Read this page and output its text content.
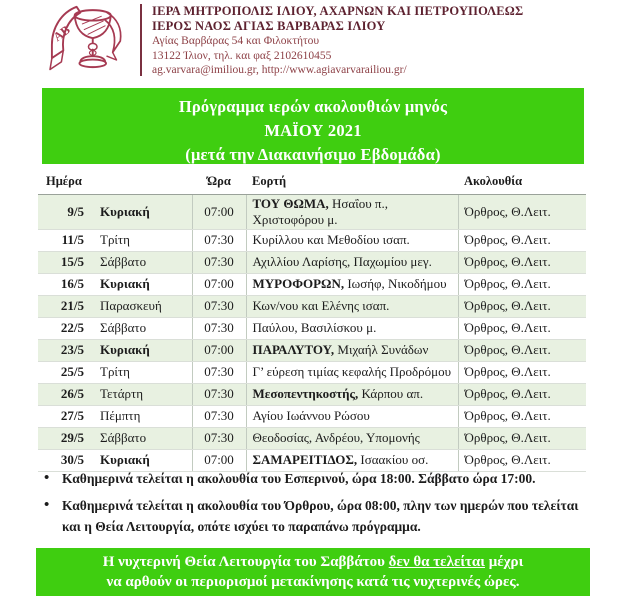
ΑΒ
ΙΕΡΑ ΜΗΤΡΟΠΟΛΙΣ ΙΛΙΟΥ, ΑΧΑΡΝΩΝ ΚΑΙ ΠΕΤΡΟΥΠΟΛΕΩΣ
ΙΕΡΟΣ ΝΑΟΣ ΑΓΙΑΣ ΒΑΡΒΑΡΑΣ ΙΛΙΟΥ
Αγίας Βαρβάρας 54 και Φιλοκτήτου
13122 Ίλιον, τηλ. και φαξ 2102610455
ag.varvara@imiliou.gr, http://www.agiavarvarailiou.gr/
Πρόγραμμα ιερών ακολουθιών μηνός
ΜΑΪΟΥ 2021
(μετά την Διακαινήσιμο Εβδομάδα)
Ημέρα		Ώρα	Εορτή	Ακολουθία
9/5	Κυριακή	07:00	ΤΟΥ ΘΩΜΑ, Ησαΐου π., Χριστοφόρου μ.	Όρθρος, Θ.Λειτ.
11/5	Τρίτη	07:30	Κυρίλλου και Μεθοδίου ισαπ.	Όρθρος, Θ.Λειτ.
15/5	Σάββατο	07:30	Αχιλλίου Λαρίσης, Παχωμίου μεγ.	Όρθρος, Θ.Λειτ.
16/5	Κυριακή	07:00	ΜΥΡΟΦΟΡΩΝ, Ιωσήφ, Νικοδήμου	Όρθρος, Θ.Λειτ.
21/5	Παρασκευή	07:30	Κων/νου και Ελένης ισαπ.	Όρθρος, Θ.Λειτ.
22/5	Σάββατο	07:30	Παύλου, Βασιλίσκου μ.	Όρθρος, Θ.Λειτ.
23/5	Κυριακή	07:00	ΠΑΡΑΛΥΤΟΥ, Μιχαήλ Συνάδων	Όρθρος, Θ.Λειτ.
25/5	Τρίτη	07:30	Γ’ εύρεση τιμίας κεφαλής Προδρόμου	Όρθρος, Θ.Λειτ.
26/5	Τετάρτη	07:30	Μεσοπεντηκοστής, Κάρπου απ.	Όρθρος, Θ.Λειτ.
27/5	Πέμπτη	07:30	Αγίου Ιωάννου Ρώσου	Όρθρος, Θ.Λειτ.
29/5	Σάββατο	07:30	Θεοδοσίας, Ανδρέου, Υπομονής	Όρθρος, Θ.Λειτ.
30/5	Κυριακή	07:00	ΣΑΜΑΡΕΙΤΙΔΟΣ, Ισαακίου οσ.	Όρθρος, Θ.Λειτ.
• Καθημερινά τελείται η ακολουθία του Εσπερινού, ώρα 18:00. Σάββατο ώρα 17:00.
• Καθημερινά τελείται η ακολουθία του Όρθρου, ώρα 08:00, πλην των ημερών που τελείται και η Θεία Λειτουργία, οπότε ισχύει το παραπάνω πρόγραμμα.
Η νυχτερινή Θεία Λειτουργία του Σαββάτου δεν θα τελείται μέχρι
να αρθούν οι περιορισμοί μετακίνησης κατά τις νυχτερινές ώρες.
